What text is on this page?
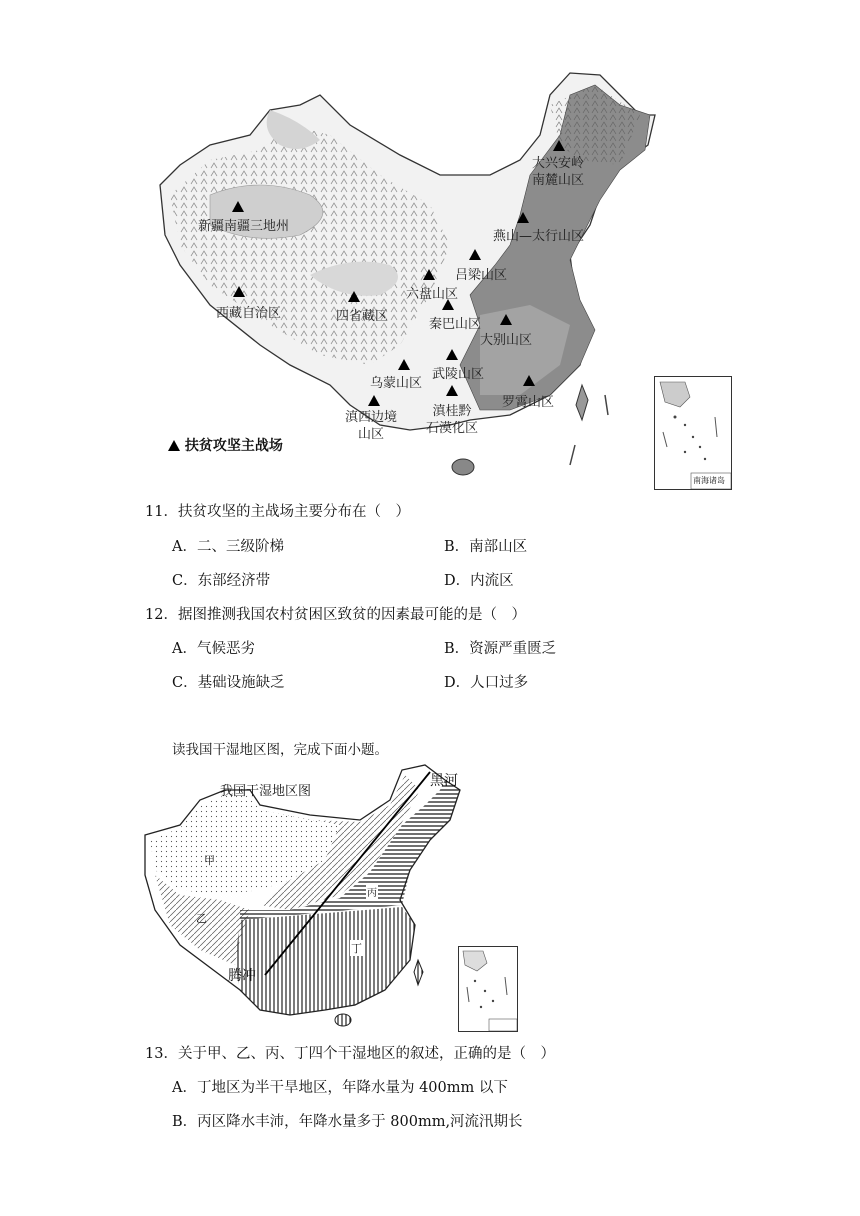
大兴安岭
南麓山区
燕山—太行山区
新疆南疆三地州
吕梁山区
六盘山区
西藏自治区	四省藏区
秦巴山区
大别山区
武陵山区
乌蒙山区
罗霄山区
滇西边境
山区
滇桂黔
石漠化区
南海诸岛
扶贫攻坚主战场
11．扶贫攻坚的主战场主要分布在（　）
A．二、三级阶梯	B．南部山区
C．东部经济带	D．内流区
12．据图推测我国农村贫困区致贫的因素最可能的是（　）
A．气候恶劣	B．资源严重匮乏
C．基础设施缺乏	D．人口过多
读我国干湿地区图，完成下面小题。
我国干湿地区图
黑河
腾冲
甲
乙
丙
丁
13．关于甲、乙、丙、丁四个干湿地区的叙述，正确的是（　）
A．丁地区为半干旱地区，年降水量为 400mm 以下
B．丙区降水丰沛，年降水量多于 800mm,河流汛期长
